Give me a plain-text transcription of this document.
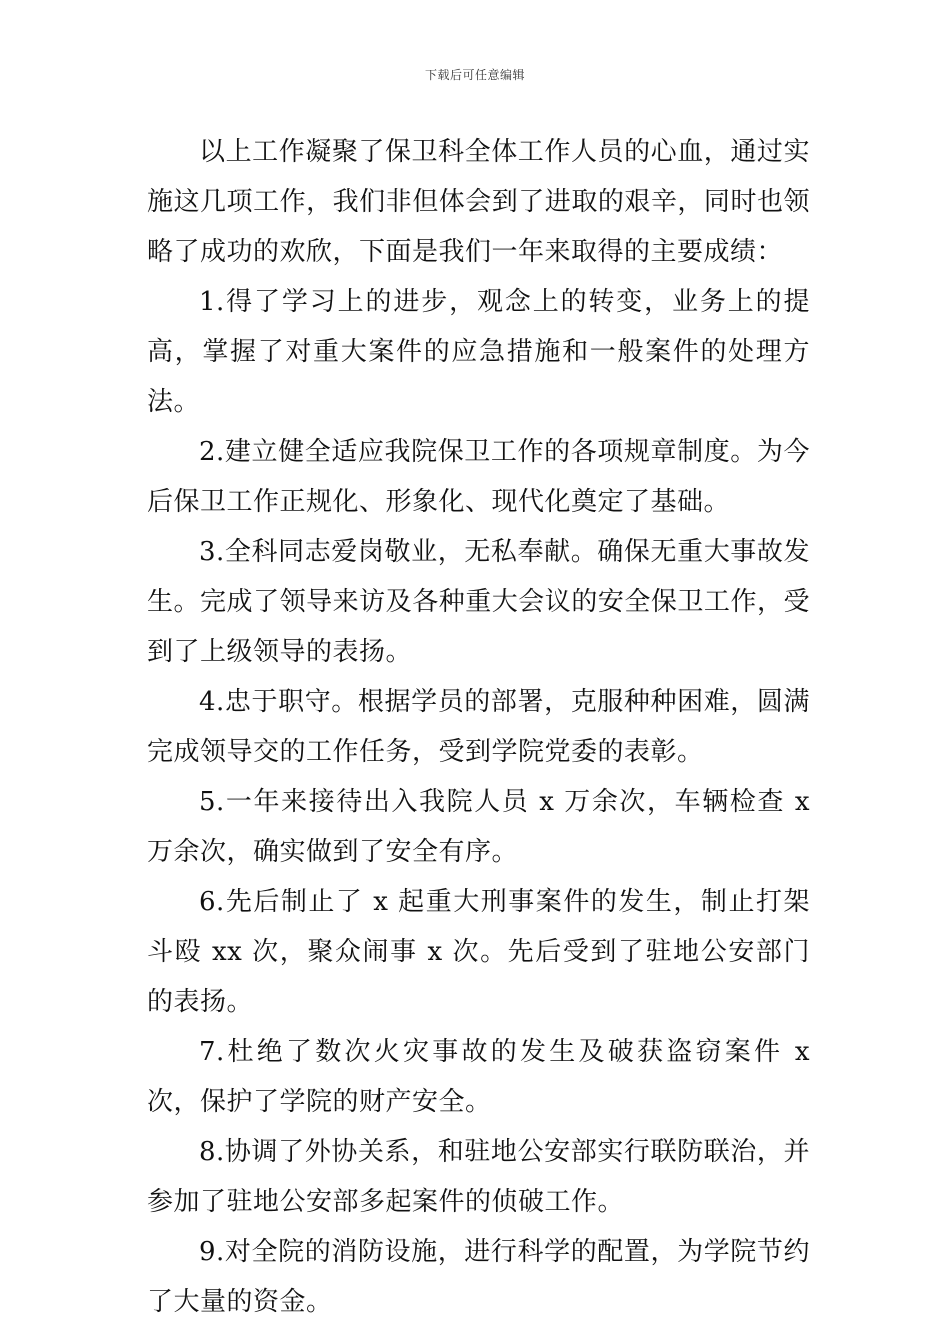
下载后可任意编辑

以上工作凝聚了保卫科全体工作人员的心血，通过实施这几项工作，我们非但体会到了进取的艰辛，同时也领略了成功的欢欣，下面是我们一年来取得的主要成绩：

1.得了学习上的进步，观念上的转变，业务上的提高，掌握了对重大案件的应急措施和一般案件的处理方法。

2.建立健全适应我院保卫工作的各项规章制度。为今后保卫工作正规化、形象化、现代化奠定了基础。

3.全科同志爱岗敬业，无私奉献。确保无重大事故发生。完成了领导来访及各种重大会议的安全保卫工作，受到了上级领导的表扬。

4.忠于职守。根据学员的部署，克服种种困难，圆满完成领导交的工作任务，受到学院党委的表彰。

5.一年来接待出入我院人员 x 万余次，车辆检查 x 万余次，确实做到了安全有序。

6.先后制止了 x 起重大刑事案件的发生，制止打架斗殴 xx 次，聚众闹事 x 次。先后受到了驻地公安部门的表扬。

7.杜绝了数次火灾事故的发生及破获盗窃案件 x 次，保护了学院的财产安全。

8.协调了外协关系，和驻地公安部实行联防联治，并参加了驻地公安部多起案件的侦破工作。

9.对全院的消防设施，进行科学的配置，为学院节约了大量的资金。
